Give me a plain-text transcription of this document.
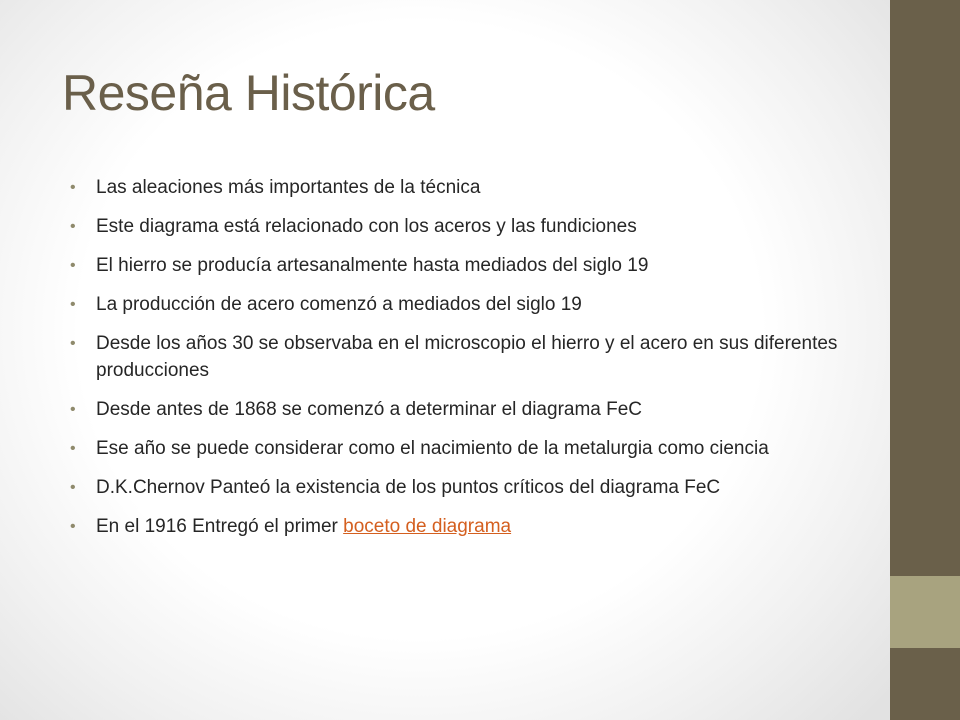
Reseña Histórica
•	Las aleaciones más importantes de la técnica
•	Este diagrama está relacionado con los aceros y las fundiciones
•	El hierro se producía artesanalmente hasta mediados del siglo 19
•	La producción de acero comenzó a mediados del siglo 19
•	Desde los años 30 se observaba en el microscopio el hierro y el acero en sus diferentes producciones
•	Desde antes de 1868 se comenzó a determinar el diagrama FeC
•	Ese año se puede considerar como el nacimiento de la metalurgia como ciencia
•	D.K.Chernov Panteó la existencia de los puntos críticos del diagrama FeC
•	En el 1916 Entregó el primer boceto de diagrama
